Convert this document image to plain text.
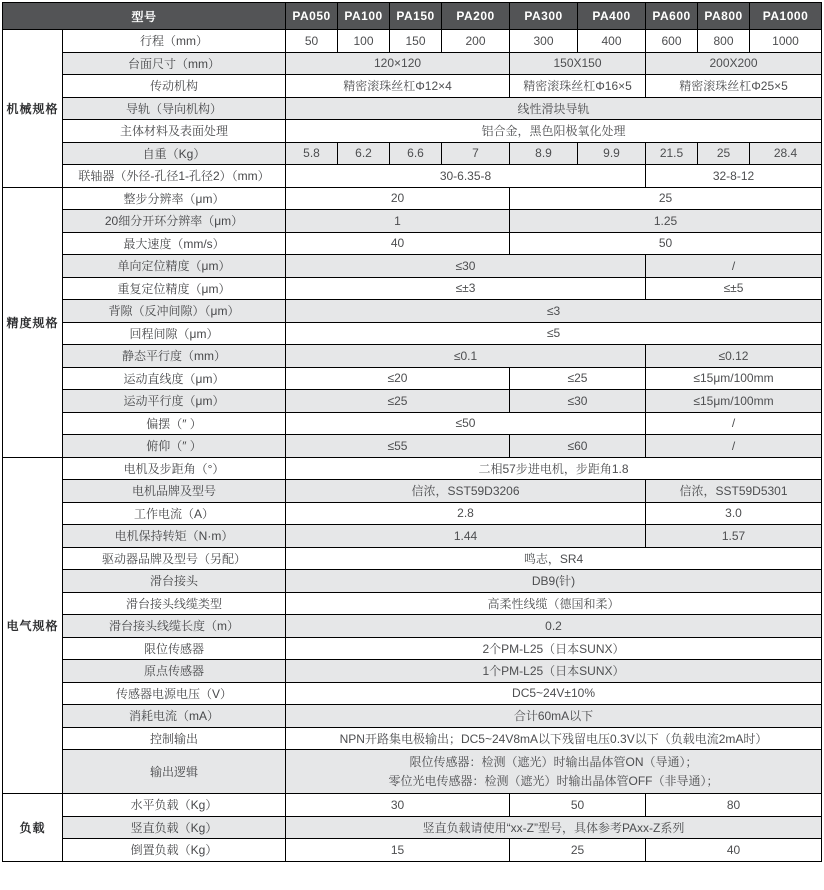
型号		PA050	PA100	PA150	PA200	PA300	PA400	PA600	PA800	PA1000
机械规格	行程（mm）	50	100	150	200	300	400	600	800	1000
	台面尺寸（mm）	120×120				150X150		200X200		
	传动机构	精密滚珠丝杠Φ12×4				精密滚珠丝杠Φ16×5		精密滚珠丝杠Φ25×5		
	导轨（导向机构）	线性滑块导轨								
	主体材料及表面处理	铝合金，黑色阳极氧化处理								
	自重（Kg）	5.8	6.2	6.6	7	8.9	9.9	21.5	25	28.4
	联轴器（外径-孔径1-孔径2）（mm）	30-6.35-8						32-8-12		
精度规格	整步分辨率（μm）	20				25				
	20细分开环分辨率（μm）	1				1.25				
	最大速度（mm/s）	40				50				
	单向定位精度（μm）	≤30						/		
	重复定位精度（μm）	≤±3						≤±5		
	背隙（反冲间隙）（μm）	≤3								
	回程间隙（μm）	≤5								
	静态平行度（mm）	≤0.1						≤0.12		
	运动直线度（μm）	≤20				≤25		≤15μm/100mm		
	运动平行度（μm）	≤25				≤30		≤15μm/100mm		
	偏摆（″ ）	≤50						/		
	俯仰（″ ）	≤55				≤60		/		
电气规格	电机及步距角（°）	二相57步进电机，步距角1.8								
	电机品牌及型号	信浓，SST59D3206						信浓，SST59D5301		
	工作电流（A）	2.8						3.0		
	电机保持转矩（N·m）	1.44						1.57		
	驱动器品牌及型号（另配）	鸣志，SR4								
	滑台接头	DB9(针)								
	滑台接头线缆类型	高柔性线缆（德国和柔）								
	滑台接头线缆长度（m）	0.2								
	限位传感器	2个PM-L25（日本SUNX）								
	原点传感器	1个PM-L25（日本SUNX）								
	传感器电源电压（V）	DC5~24V±10%								
	消耗电流（mA）	合计60mA以下								
	控制输出	NPN开路集电极输出；DC5~24V8mA以下残留电压0.3V以下（负载电流2mA时）								
	输出逻辑	限位传感器：检测（遮光）时输出晶体管ON（导通）；
零位光电传感器：检测（遮光）时输出晶体管OFF（非导通）；								

负载	水平负载（Kg）	30				50		80		
	竖直负载（Kg）	竖直负载请使用“xx-Z”型号，具体参考PAxx-Z系列								
	倒置负载（Kg）	15				25		40		
